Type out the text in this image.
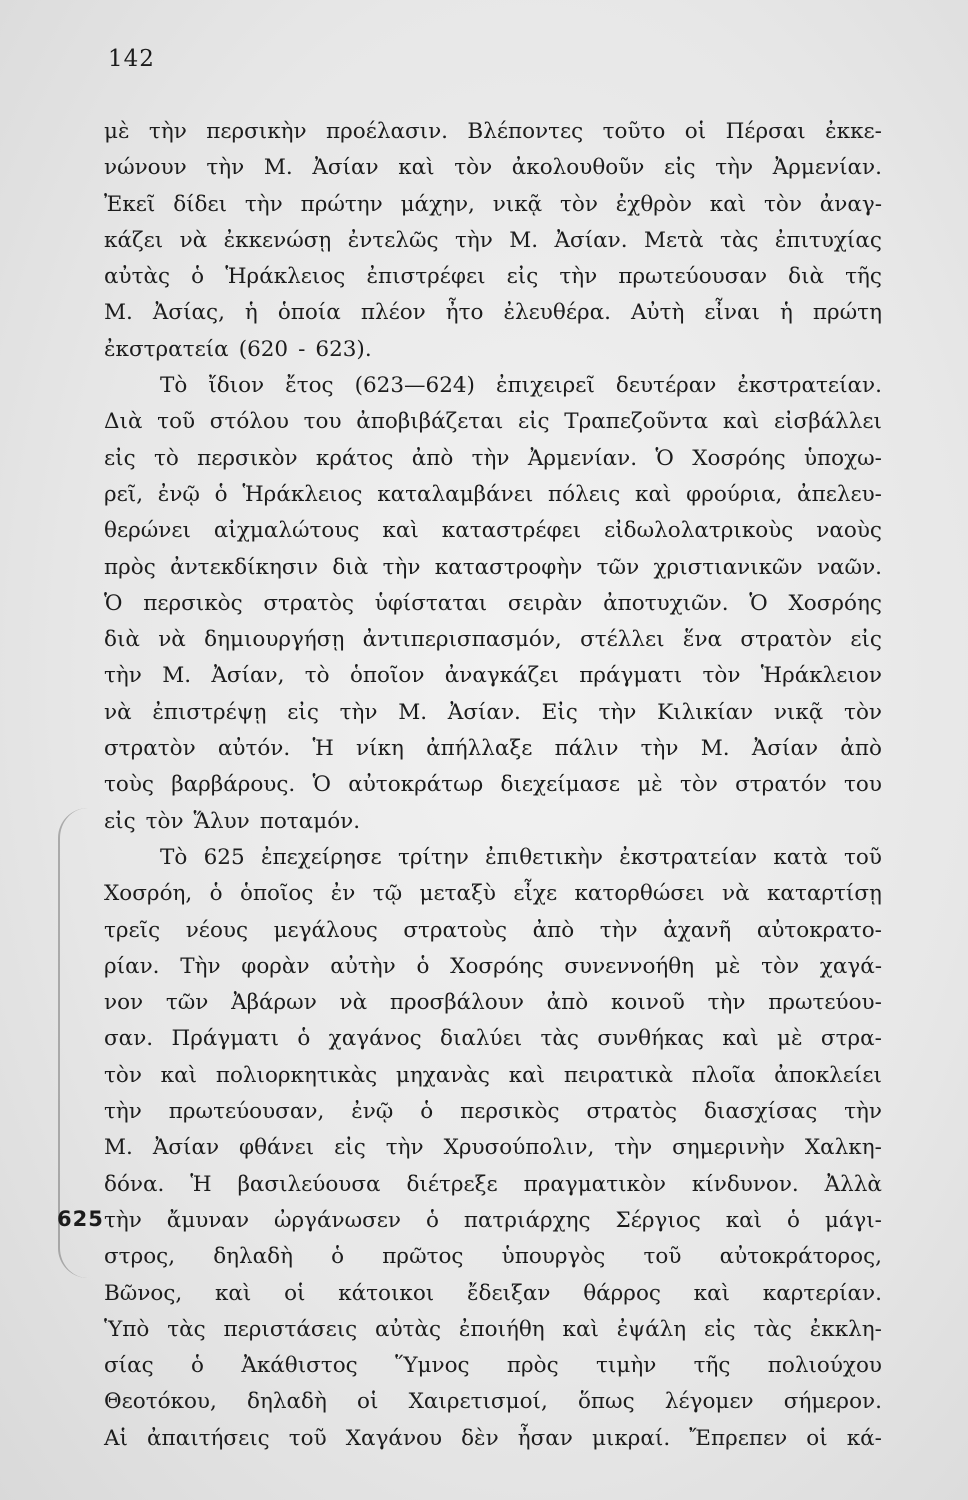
142
625
μὲ τὴν περσικὴν προέλασιν. Βλέποντες τοῦτο οἱ Πέρσαι ἐκκε-
νώνουν τὴν Μ. Ἀσίαν καὶ τὸν ἀκολουθοῦν εἰς τὴν Ἀρμενίαν.
Ἐκεῖ δίδει τὴν πρώτην μάχην, νικᾷ τὸν ἐχθρὸν καὶ τὸν ἀναγ-
κάζει νὰ ἐκκενώσῃ ἐντελῶς τὴν Μ. Ἀσίαν. Μετὰ τὰς ἐπιτυχίας
αὐτὰς ὁ Ἡράκλειος ἐπιστρέφει εἰς τὴν πρωτεύουσαν διὰ τῆς
Μ. Ἀσίας, ἡ ὁποία πλέον ἦτο ἐλευθέρα. Αὐτὴ εἶναι ἡ πρώτη
ἐκστρατεία (620 - 623).
Τὸ ἴδιον ἔτος (623—624) ἐπιχειρεῖ δευτέραν ἐκστρατείαν.
Διὰ τοῦ στόλου του ἀποβιβάζεται εἰς Τραπεζοῦντα καὶ εἰσβάλλει
εἰς τὸ περσικὸν κράτος ἀπὸ τὴν Ἀρμενίαν. Ὁ Χοσρόης ὑποχω-
ρεῖ, ἐνῷ ὁ Ἡράκλειος καταλαμβάνει πόλεις καὶ φρούρια, ἀπελευ-
θερώνει αἰχμαλώτους καὶ καταστρέφει εἰδωλολατρικοὺς ναοὺς
πρὸς ἀντεκδίκησιν διὰ τὴν καταστροφὴν τῶν χριστιανικῶν ναῶν.
Ὁ περσικὸς στρατὸς ὑφίσταται σειρὰν ἀποτυχιῶν. Ὁ Χοσρόης
διὰ νὰ δημιουργήσῃ ἀντιπερισπασμόν, στέλλει ἕνα στρατὸν εἰς
τὴν Μ. Ἀσίαν, τὸ ὁποῖον ἀναγκάζει πράγματι τὸν Ἡράκλειον
νὰ ἐπιστρέψῃ εἰς τὴν Μ. Ἀσίαν. Εἰς τὴν Κιλικίαν νικᾷ τὸν
στρατὸν αὐτόν. Ἡ νίκη ἀπήλλαξε πάλιν τὴν Μ. Ἀσίαν ἀπὸ
τοὺς βαρβάρους. Ὁ αὐτοκράτωρ διεχείμασε μὲ τὸν στρατόν του
εἰς τὸν Ἅλυν ποταμόν.
Τὸ 625 ἐπεχείρησε τρίτην ἐπιθετικὴν ἐκστρατείαν κατὰ τοῦ
Χοσρόη, ὁ ὁποῖος ἐν τῷ μεταξὺ εἶχε κατορθώσει νὰ καταρτίσῃ
τρεῖς νέους μεγάλους στρατοὺς ἀπὸ τὴν ἀχανῆ αὐτοκρατο-
ρίαν. Τὴν φορὰν αὐτὴν ὁ Χοσρόης συνεννοήθη μὲ τὸν χαγά-
νον τῶν Ἀβάρων νὰ προσβάλουν ἀπὸ κοινοῦ τὴν πρωτεύου-
σαν. Πράγματι ὁ χαγάνος διαλύει τὰς συνθήκας καὶ μὲ στρα-
τὸν καὶ πολιορκητικὰς μηχανὰς καὶ πειρατικὰ πλοῖα ἀποκλείει
τὴν πρωτεύουσαν, ἐνῷ ὁ περσικὸς στρατὸς διασχίσας τὴν
Μ. Ἀσίαν φθάνει εἰς τὴν Χρυσούπολιν, τὴν σημερινὴν Χαλκη-
δόνα. Ἡ βασιλεύουσα διέτρεξε πραγματικὸν κίνδυνον. Ἀλλὰ
τὴν ἄμυναν ὠργάνωσεν ὁ πατριάρχης Σέργιος καὶ ὁ μάγι-
στρος, δηλαδὴ ὁ πρῶτος ὑπουργὸς τοῦ αὐτοκράτορος,
Βῶνος, καὶ οἱ κάτοικοι ἔδειξαν θάρρος καὶ καρτερίαν.
Ὑπὸ τὰς περιστάσεις αὐτὰς ἐποιήθη καὶ ἐψάλη εἰς τὰς ἐκκλη-
σίας ὁ Ἀκάθιστος Ὕμνος πρὸς τιμὴν τῆς πολιούχου
Θεοτόκου, δηλαδὴ οἱ Χαιρετισμοί, ὅπως λέγομεν σήμερον.
Αἱ ἀπαιτήσεις τοῦ Χαγάνου δὲν ἦσαν μικραί. Ἔπρεπεν οἱ κά-
